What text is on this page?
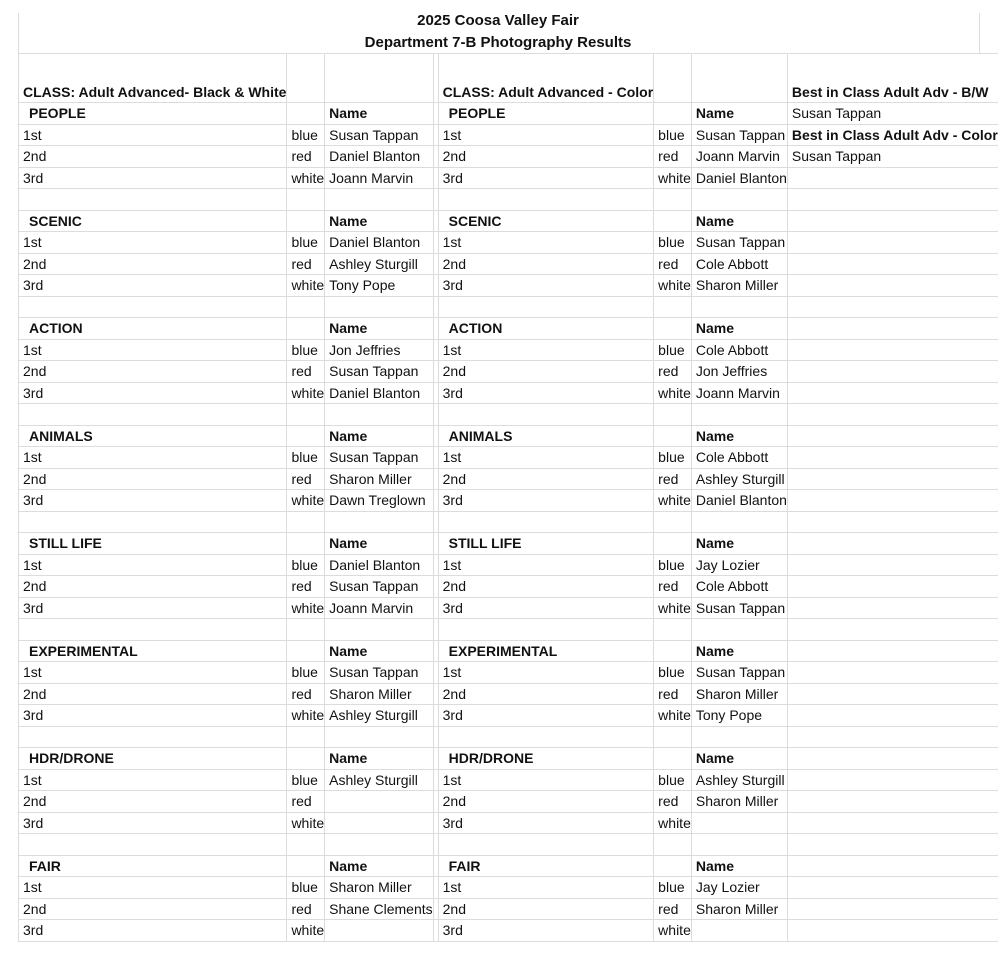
2025 Coosa Valley Fair
Department 7-B Photography Results
CLASS: Adult Advanced- Black & White				CLASS: Adult Advanced - Color			Best in Class Adult Adv - B/W		
PEOPLE		Name		PEOPLE		Name	Susan Tappan		
1st	blue	Susan Tappan		1st	blue	Susan Tappan	Best in Class Adult Adv - Color		
2nd	red	Daniel Blanton		2nd	red	Joann Marvin	Susan Tappan		
3rd	white	Joann Marvin		3rd	white	Daniel Blanton			

SCENIC		Name		SCENIC		Name			
1st	blue	Daniel Blanton		1st	blue	Susan Tappan			
2nd	red	Ashley Sturgill		2nd	red	Cole Abbott			
3rd	white	Tony Pope		3rd	white	Sharon Miller			

ACTION		Name		ACTION		Name			
1st	blue	Jon Jeffries		1st	blue	Cole Abbott			
2nd	red	Susan Tappan		2nd	red	Jon Jeffries			
3rd	white	Daniel Blanton		3rd	white	Joann Marvin			

ANIMALS		Name		ANIMALS		Name			
1st	blue	Susan Tappan		1st	blue	Cole Abbott			
2nd	red	Sharon Miller		2nd	red	Ashley Sturgill			
3rd	white	Dawn Treglown		3rd	white	Daniel Blanton			

STILL LIFE		Name		STILL LIFE		Name			
1st	blue	Daniel Blanton		1st	blue	Jay Lozier			
2nd	red	Susan Tappan		2nd	red	Cole Abbott			
3rd	white	Joann Marvin		3rd	white	Susan Tappan			

EXPERIMENTAL		Name		EXPERIMENTAL		Name			
1st	blue	Susan Tappan		1st	blue	Susan Tappan			
2nd	red	Sharon Miller		2nd	red	Sharon Miller			
3rd	white	Ashley Sturgill		3rd	white	Tony Pope			

HDR/DRONE		Name		HDR/DRONE		Name			
1st	blue	Ashley Sturgill		1st	blue	Ashley Sturgill			
2nd	red			2nd	red	Sharon Miller			
3rd	white			3rd	white				

FAIR		Name		FAIR		Name			
1st	blue	Sharon Miller		1st	blue	Jay Lozier			
2nd	red	Shane Clements		2nd	red	Sharon Miller			
3rd	white			3rd	white				
